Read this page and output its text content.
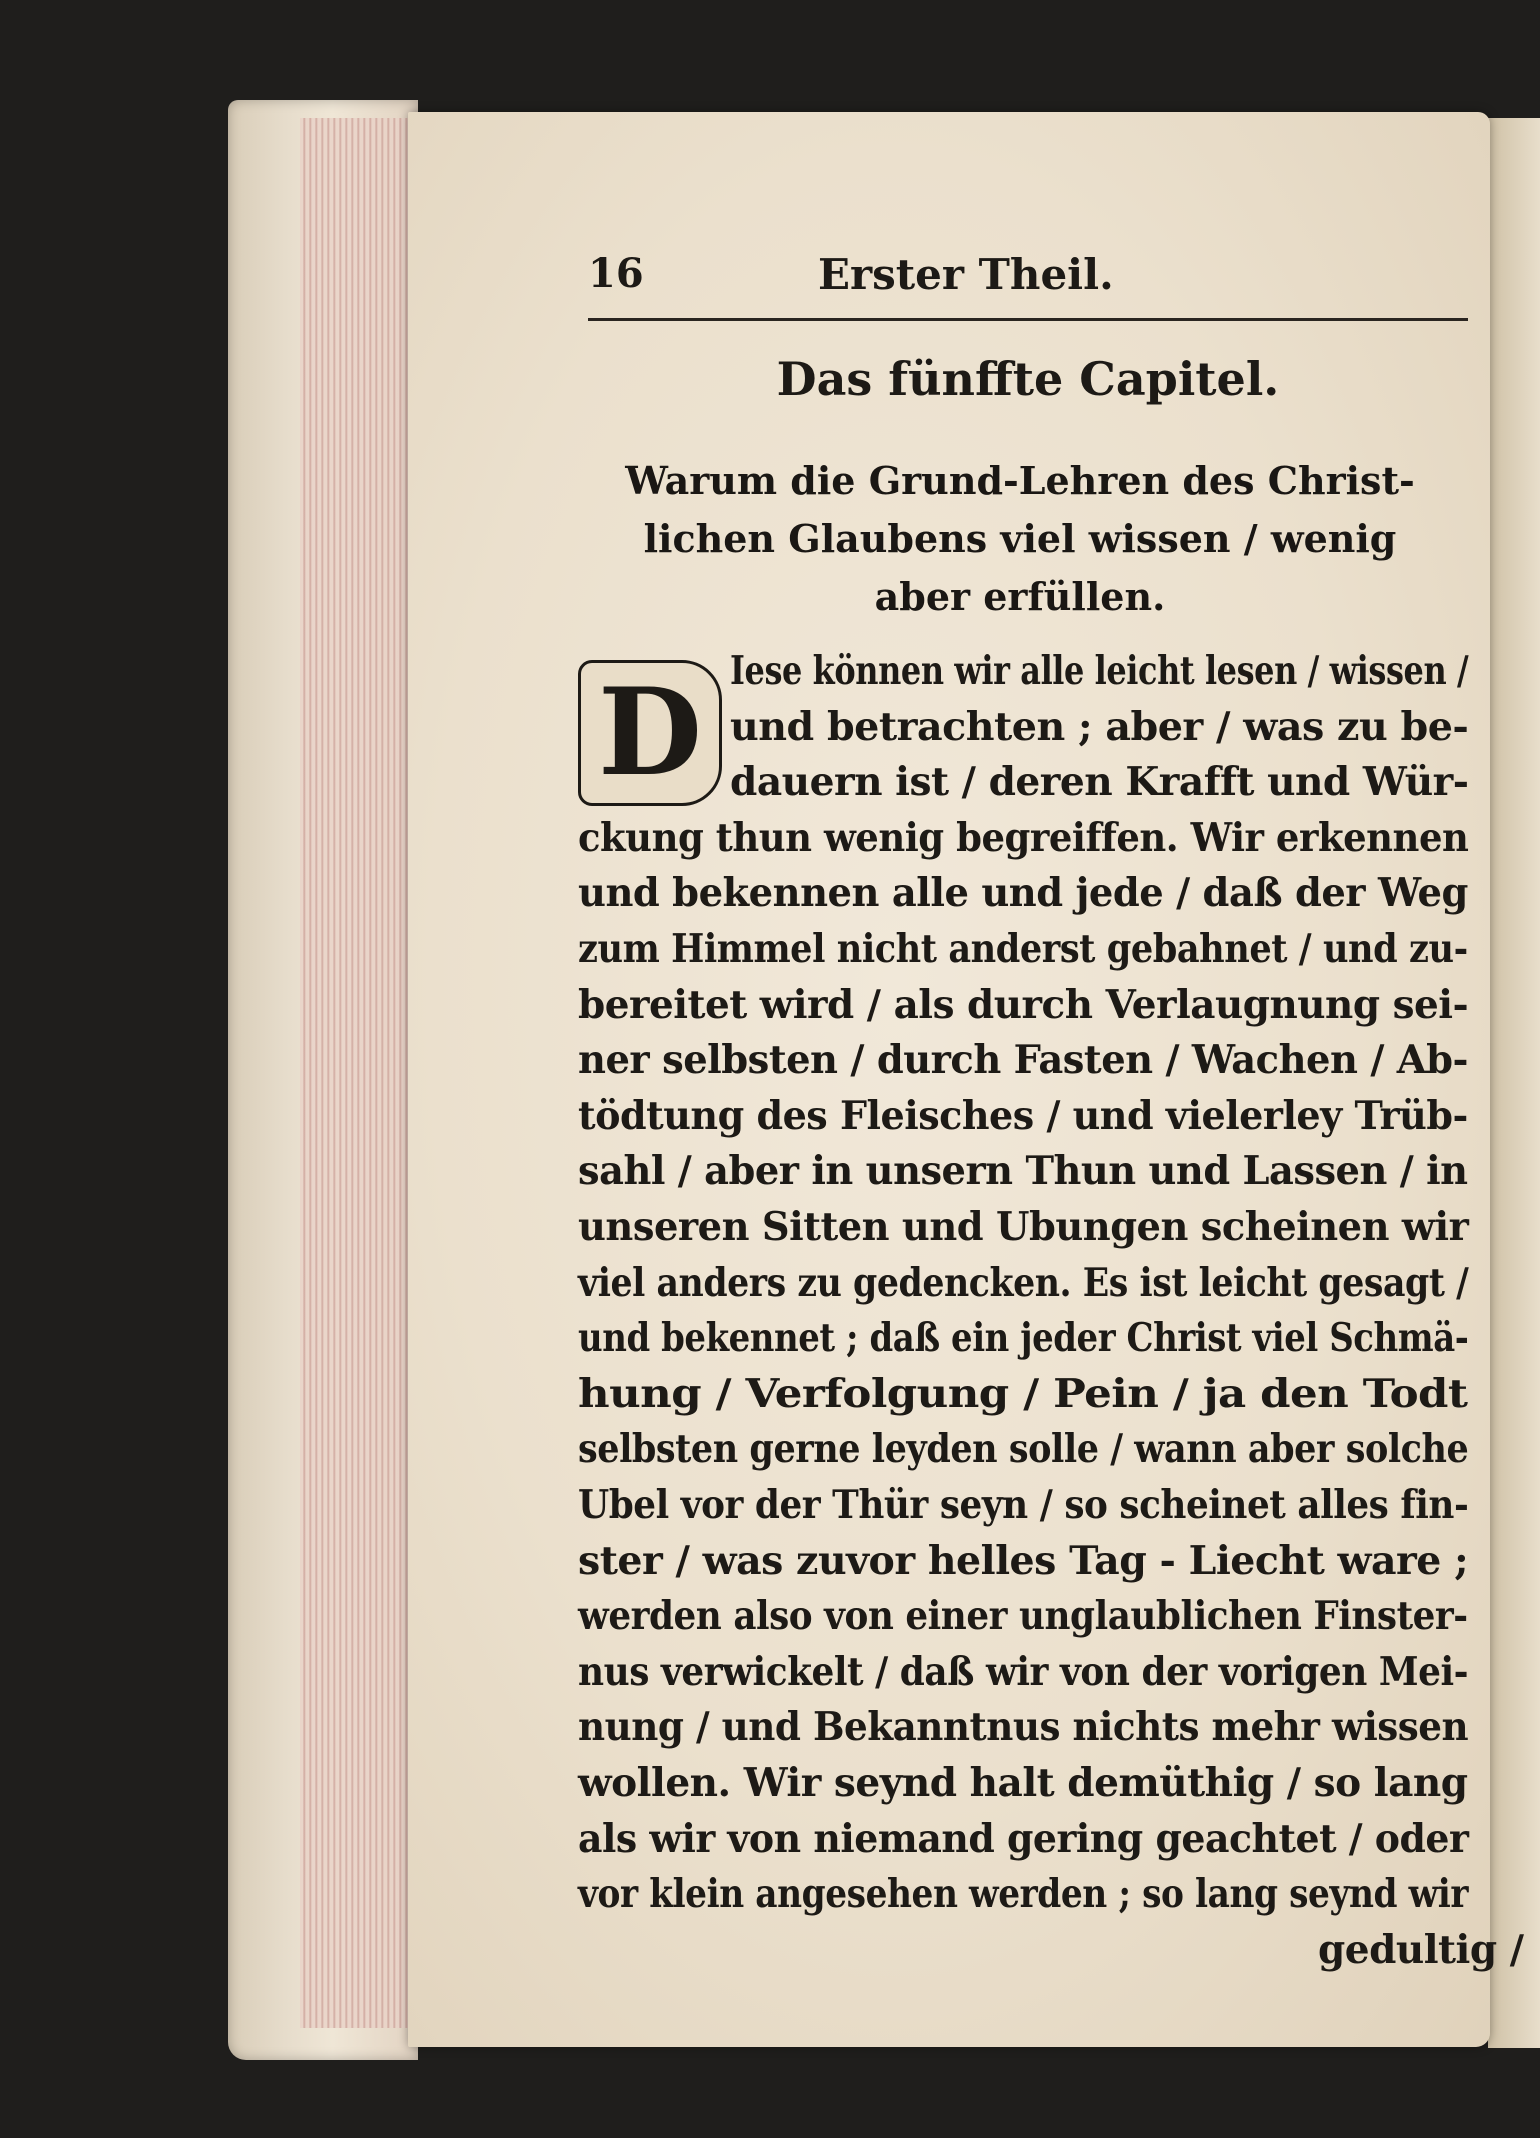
16	Erster Theil.
Das fünffte Capitel.
Warum die Grund-Lehren des Christ-
lichen Glaubens viel wissen / wenig
aber erfüllen.
D Iese können wir alle leicht lesen / wissen /
und betrachten ; aber / was zu be-
dauern ist / deren Krafft und Wür-
ckung thun wenig begreiffen. Wir erkennen
und bekennen alle und jede / daß der Weg
zum Himmel nicht anderst gebahnet / und zu-
bereitet wird / als durch Verlaugnung sei-
ner selbsten / durch Fasten / Wachen / Ab-
tödtung des Fleisches / und vielerley Trüb-
sahl / aber in unsern Thun und Lassen / in
unseren Sitten und Ubungen scheinen wir
viel anders zu gedencken. Es ist leicht gesagt /
und bekennet ; daß ein jeder Christ viel Schmä-
hung / Verfolgung / Pein / ja den Todt
selbsten gerne leyden solle / wann aber solche
Ubel vor der Thür seyn / so scheinet alles fin-
ster / was zuvor helles Tag - Liecht ware ;
werden also von einer unglaublichen Finster-
nus verwickelt / daß wir von der vorigen Mei-
nung / und Bekanntnus nichts mehr wissen
wollen. Wir seynd halt demüthig / so lang
als wir von niemand gering geachtet / oder
vor klein angesehen werden ; so lang seynd wir
gedultig /
